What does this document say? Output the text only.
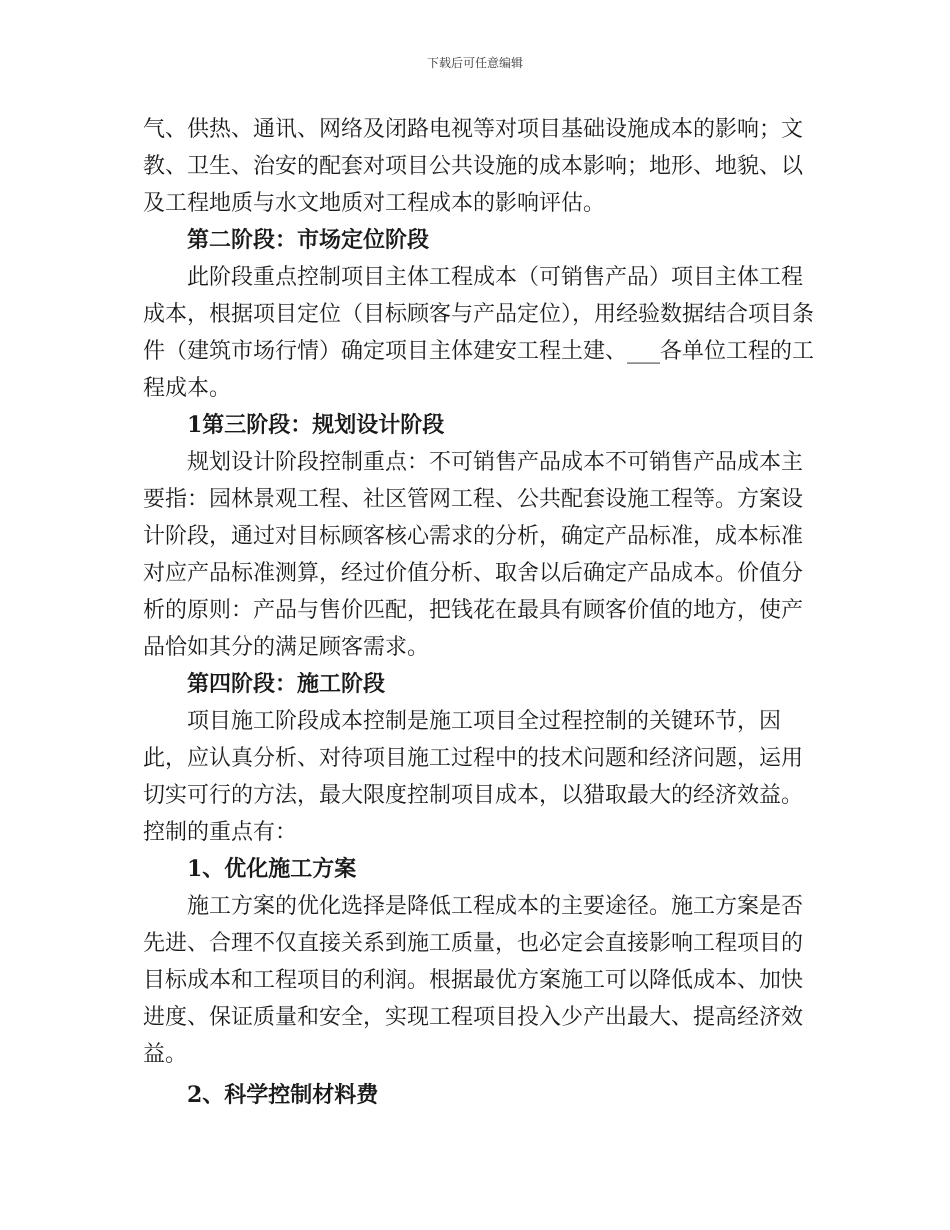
下载后可任意编辑

气、供热、通讯、网络及闭路电视等对项目基础设施成本的影响；文教、卫生、治安的配套对项目公共设施的成本影响；地形、地貌、以及工程地质与水文地质对工程成本的影响评估。

第二阶段：市场定位阶段

此阶段重点控制项目主体工程成本（可销售产品）项目主体工程成本，根据项目定位（目标顾客与产品定位），用经验数据结合项目条件（建筑市场行情）确定项目主体建安工程土建、___各单位工程的工程成本。

1第三阶段：规划设计阶段

规划设计阶段控制重点：不可销售产品成本不可销售产品成本主要指：园林景观工程、社区管网工程、公共配套设施工程等。方案设计阶段，通过对目标顾客核心需求的分析，确定产品标准，成本标准对应产品标准测算，经过价值分析、取舍以后确定产品成本。价值分析的原则：产品与售价匹配，把钱花在最具有顾客价值的地方，使产品恰如其分的满足顾客需求。

第四阶段：施工阶段

项目施工阶段成本控制是施工项目全过程控制的关键环节，因此，应认真分析、对待项目施工过程中的技术问题和经济问题，运用切实可行的方法，最大限度控制项目成本，以猎取最大的经济效益。控制的重点有：

1、优化施工方案

施工方案的优化选择是降低工程成本的主要途径。施工方案是否先进、合理不仅直接关系到施工质量，也必定会直接影响工程项目的目标成本和工程项目的利润。根据最优方案施工可以降低成本、加快进度、保证质量和安全，实现工程项目投入少产出最大、提高经济效益。

2、科学控制材料费
